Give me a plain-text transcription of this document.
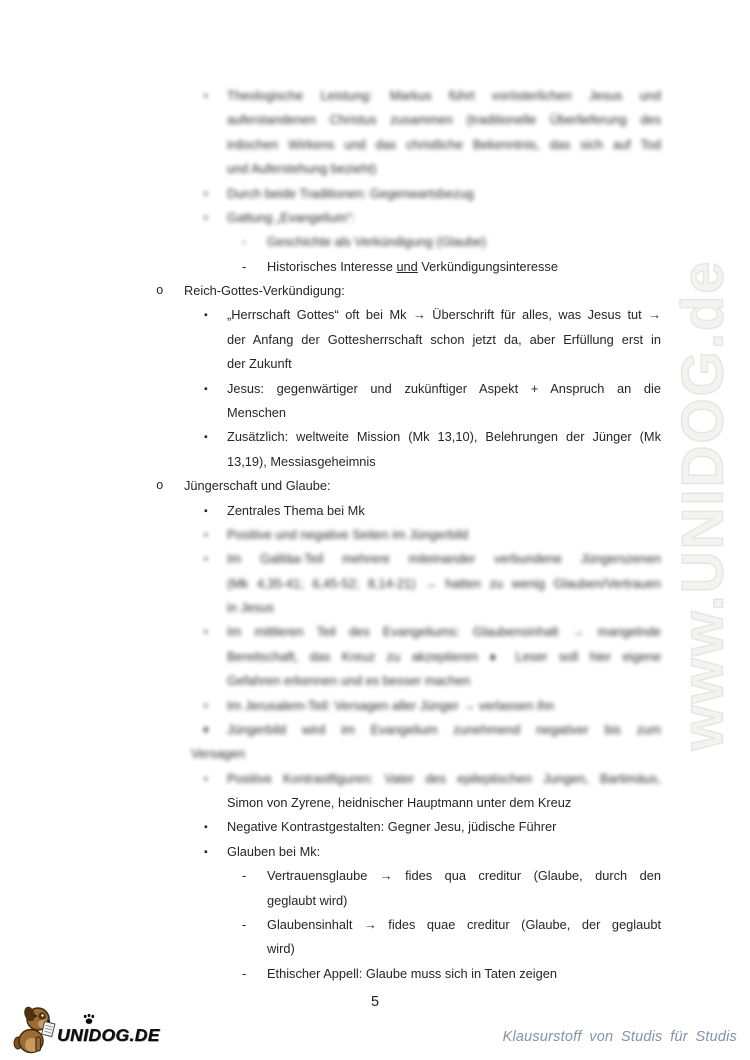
www.UNIDOG.de
▪ Theologische Leistung: Markus führt vorösterlichen Jesus und
auferstandenen Christus zusammen (traditionelle Überlieferung des
irdischen Wirkens und das christliche Bekenntnis, das sich auf Tod
und Auferstehung bezieht)
▪ Durch beide Traditionen: Gegenwartsbezug
▪ Gattung „Evangelium“:
- Geschichte als Verkündigung (Glaube)
- Historisches Interesse und Verkündigungsinteresse
o Reich-Gottes-Verkündigung:
▪ „Herrschaft Gottes“ oft bei Mk → Überschrift für alles, was Jesus tut →
der Anfang der Gottesherrschaft schon jetzt da, aber Erfüllung erst in
der Zukunft
▪ Jesus: gegenwärtiger und zukünftiger Aspekt + Anspruch an die
Menschen
▪ Zusätzlich: weltweite Mission (Mk 13,10), Belehrungen der Jünger (Mk
13,19), Messiasgeheimnis
o Jüngerschaft und Glaube:
▪ Zentrales Thema bei Mk
▪ Positive und negative Seiten im Jüngerbild
▪ Im Galiläa-Teil mehrere miteinander verbundene Jüngerszenen
(Mk 4,35-41; 6,45-52; 8,14-21) → hatten zu wenig Glauben/Vertrauen
in Jesus
▪ Im mittleren Teil des Evangeliums: Glaubensinhalt → mangelnde
Bereitschaft, das Kreuz zu akzeptieren ♦ Leser soll hier eigene
Gefahren erkennen und es besser machen
▪ Im Jerusalem-Teil: Versagen aller Jünger → verlassen ihn
♦ Jüngerbild wird im Evangelium zunehmend negativer bis zum
Versagen
▪ Positive Kontrastfiguren: Vater des epileptischen Jungen, Bartimäus,
Simon von Zyrene, heidnischer Hauptmann unter dem Kreuz
▪ Negative Kontrastgestalten: Gegner Jesu, jüdische Führer
▪ Glauben bei Mk:
- Vertrauensglaube → fides qua creditur (Glaube, durch den
geglaubt wird)
- Glaubensinhalt → fides quae creditur (Glaube, der geglaubt
wird)
- Ethischer Appell: Glaube muss sich in Taten zeigen
5
UNIDOG.DE	Klausurstoff von Studis für Studis
